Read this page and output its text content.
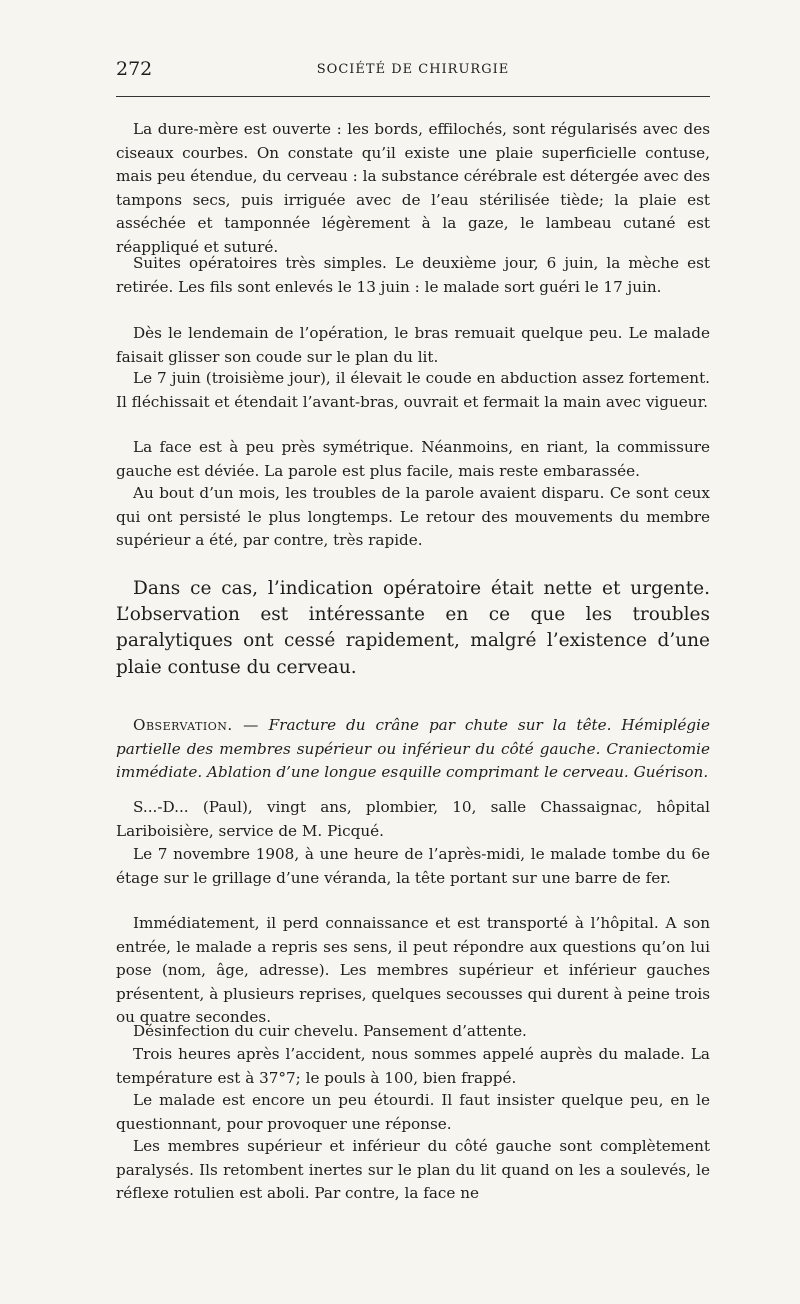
272	SOCIÉTÉ DE CHIRURGIE

La dure-mère est ouverte : les bords, effilochés, sont régularisés avec des ciseaux courbes. On constate qu’il existe une plaie superficielle contuse, mais peu étendue, du cerveau : la substance cérébrale est détergée avec des tampons secs, puis irriguée avec de l’eau stérilisée tiède; la plaie est asséchée et tamponnée légèrement à la gaze, le lambeau cutané est réappliqué et suturé.

Suites opératoires très simples. Le deuxième jour, 6 juin, la mèche est retirée. Les fils sont enlevés le 13 juin : le malade sort guéri le 17 juin.

Dès le lendemain de l’opération, le bras remuait quelque peu. Le malade faisait glisser son coude sur le plan du lit.

Le 7 juin (troisième jour), il élevait le coude en abduction assez fortement. Il fléchissait et étendait l’avant-bras, ouvrait et fermait la main avec vigueur.

La face est à peu près symétrique. Néanmoins, en riant, la commissure gauche est déviée. La parole est plus facile, mais reste embarassée.

Au bout d’un mois, les troubles de la parole avaient disparu. Ce sont ceux qui ont persisté le plus longtemps. Le retour des mouvements du membre supérieur a été, par contre, très rapide.

Dans ce cas, l’indication opératoire était nette et urgente. L’observation est intéressante en ce que les troubles paralytiques ont cessé rapidement, malgré l’existence d’une plaie contuse du cerveau.

Observation. — Fracture du crâne par chute sur la tête. Hémiplégie partielle des membres supérieur ou inférieur du côté gauche. Craniectomie immédiate. Ablation d’une longue esquille comprimant le cerveau. Guérison.

S...-D... (Paul), vingt ans, plombier, 10, salle Chassaignac, hôpital Lariboisière, service de M. Picqué.

Le 7 novembre 1908, à une heure de l’après-midi, le malade tombe du 6e étage sur le grillage d’une véranda, la tête portant sur une barre de fer.

Immédiatement, il perd connaissance et est transporté à l’hôpital. A son entrée, le malade a repris ses sens, il peut répondre aux questions qu’on lui pose (nom, âge, adresse). Les membres supérieur et inférieur gauches présentent, à plusieurs reprises, quelques secousses qui durent à peine trois ou quatre secondes.

Désinfection du cuir chevelu. Pansement d’attente.

Trois heures après l’accident, nous sommes appelé auprès du malade. La température est à 37°7; le pouls à 100, bien frappé.

Le malade est encore un peu étourdi. Il faut insister quelque peu, en le questionnant, pour provoquer une réponse.

Les membres supérieur et inférieur du côté gauche sont complètement paralysés. Ils retombent inertes sur le plan du lit quand on les a soulevés, le réflexe rotulien est aboli. Par contre, la face ne
